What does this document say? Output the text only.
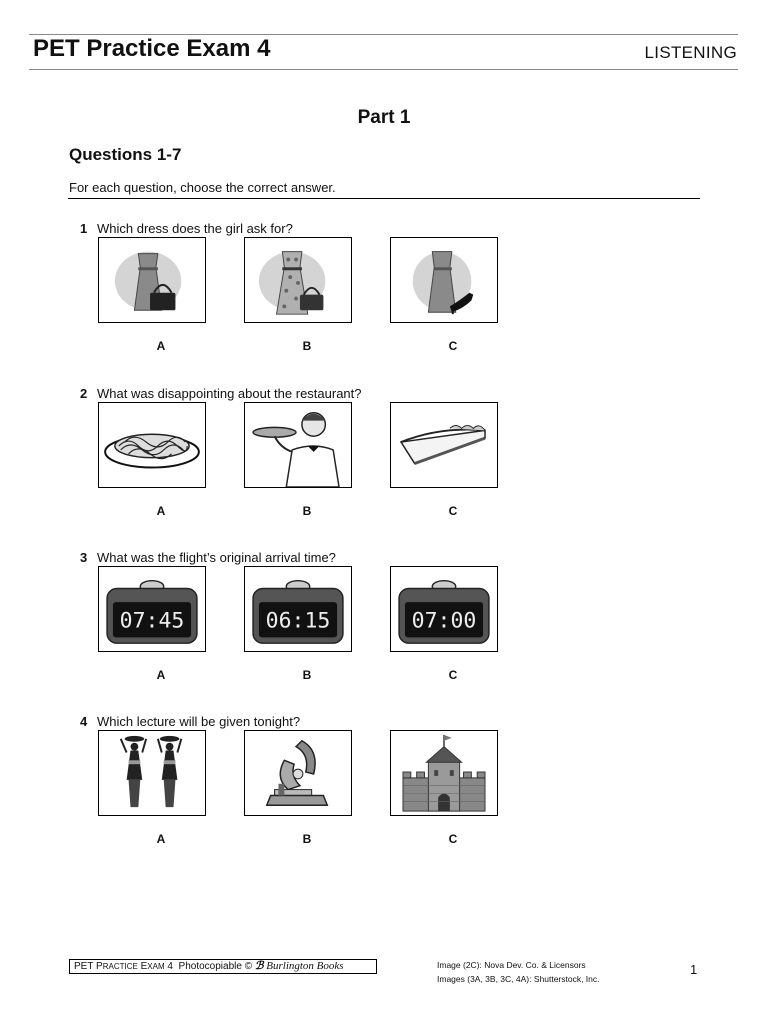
PET Practice Exam 4	LISTENING
Part 1
Questions 1-7
For each question, choose the correct answer.
1 Which dress does the girl ask for?
A	B	C
2 What was disappointing about the restaurant?
A	B	C
3 What was the flight’s original arrival time?
07:45	06:15	07:00
A	B	C
4 Which lecture will be given tonight?
A	B	C
PET PRACTICE EXAM 4 Photocopiable © ℬ Burlington Books	Image (2C): Nova Dev. Co. & Licensors
Images (3A, 3B, 3C, 4A): Shutterstock, Inc.
1
